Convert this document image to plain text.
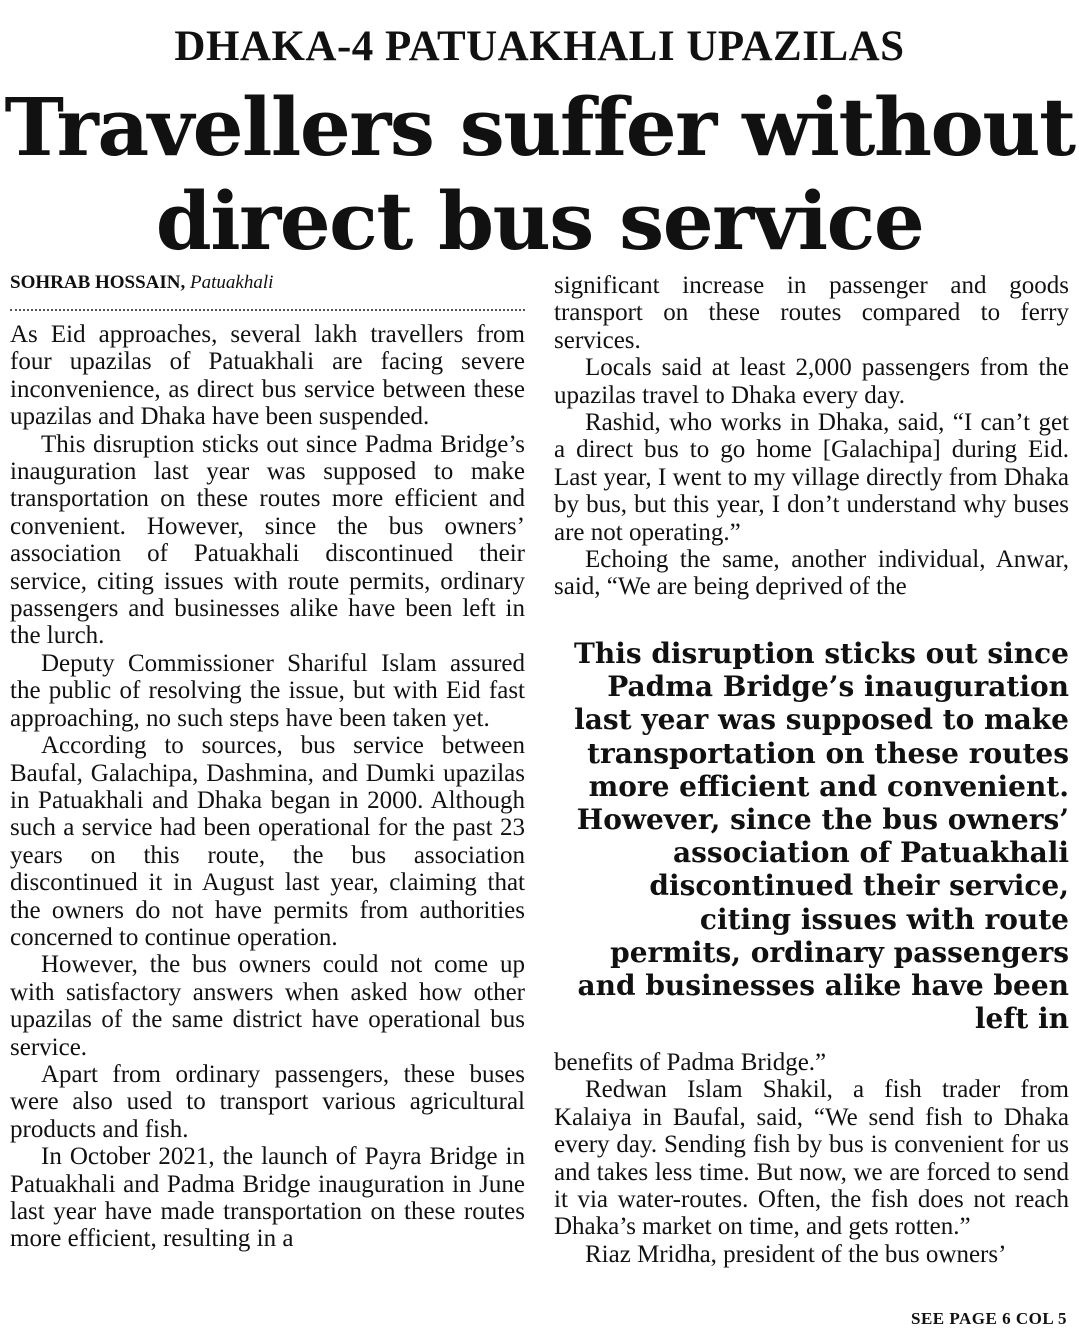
DHAKA-4 PATUAKHALI UPAZILAS
Travellers suffer without
direct bus service
SOHRAB HOSSAIN, Patuakhali

As Eid approaches, several lakh travellers from four upazilas of Patuakhali are facing severe inconvenience, as direct bus service between these upazilas and Dhaka have been suspended.

This disruption sticks out since Padma Bridge’s inauguration last year was supposed to make transportation on these routes more efficient and convenient. However, since the bus owners’ association of Patuakhali discontinued their service, citing issues with route permits, ordinary passengers and businesses alike have been left in the lurch.

Deputy Commissioner Shariful Islam assured the public of resolving the issue, but with Eid fast approaching, no such steps have been taken yet.

According to sources, bus service between Baufal, Galachipa, Dashmina, and Dumki upazilas in Patuakhali and Dhaka began in 2000. Although such a service had been operational for the past 23 years on this route, the bus association discontinued it in August last year, claiming that the owners do not have permits from authorities concerned to continue operation.

However, the bus owners could not come up with satisfactory answers when asked how other upazilas of the same district have operational bus service.

Apart from ordinary passengers, these buses were also used to transport various agricultural products and fish.

In October 2021, the launch of Payra Bridge in Patuakhali and Padma Bridge inauguration in June last year have made transportation on these routes more efficient, resulting in a

significant increase in passenger and goods transport on these routes compared to ferry services.

Locals said at least 2,000 passengers from the upazilas travel to Dhaka every day.

Rashid, who works in Dhaka, said, “I can’t get a direct bus to go home [Galachipa] during Eid. Last year, I went to my village directly from Dhaka by bus, but this year, I don’t understand why buses are not operating.”

Echoing the same, another individual, Anwar, said, “We are being deprived of the

This disruption sticks out since Padma Bridge’s inauguration last year was supposed to make transportation on these routes more efficient and convenient. However, since the bus owners’ association of Patuakhali discontinued their service, citing issues with route permits, ordinary passengers and businesses alike have been left in

benefits of Padma Bridge.”

Redwan Islam Shakil, a fish trader from Kalaiya in Baufal, said, “We send fish to Dhaka every day. Sending fish by bus is convenient for us and takes less time. But now, we are forced to send it via water-routes. Often, the fish does not reach Dhaka’s market on time, and gets rotten.”

Riaz Mridha, president of the bus owners’

SEE PAGE 6 COL 5
